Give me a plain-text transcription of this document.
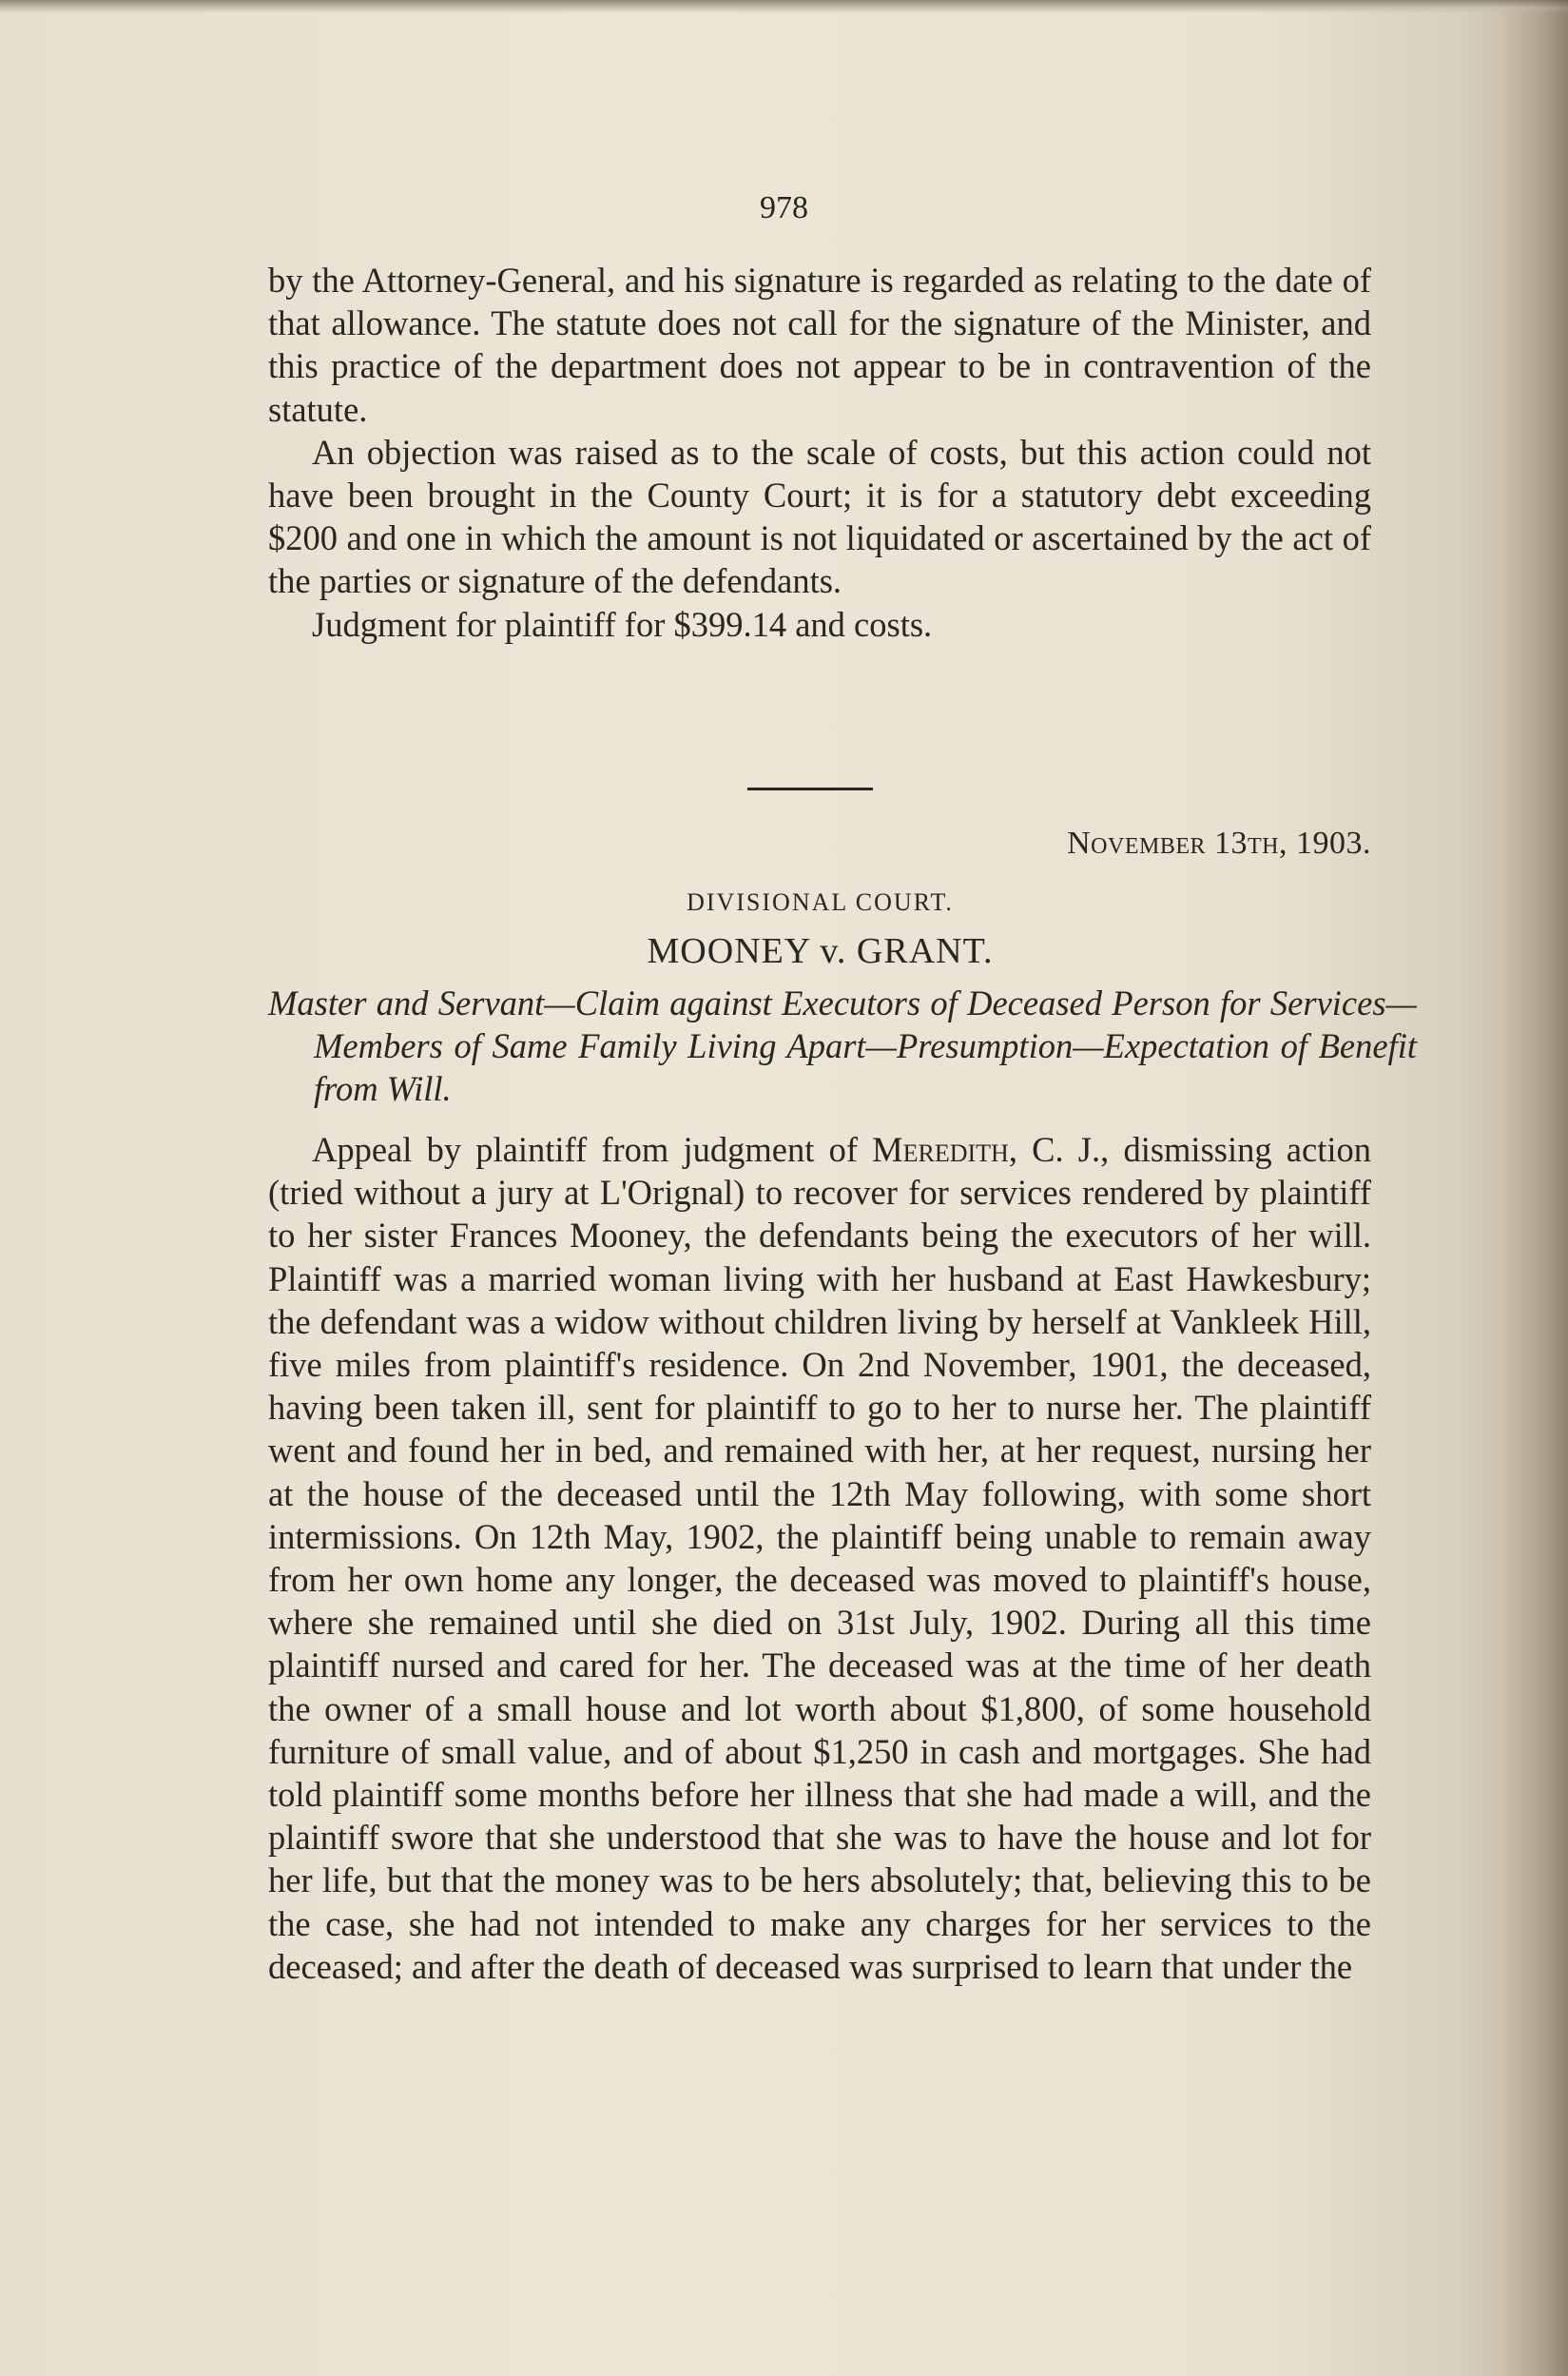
978

by the Attorney-General, and his signature is regarded as relating to the date of that allowance. The statute does not call for the signature of the Minister, and this practice of the department does not appear to be in contravention of the statute.

An objection was raised as to the scale of costs, but this action could not have been brought in the County Court; it is for a statutory debt exceeding $200 and one in which the amount is not liquidated or ascertained by the act of the parties or signature of the defendants.

Judgment for plaintiff for $399.14 and costs.

November 13th, 1903.
DIVISIONAL COURT.
MOONEY v. GRANT.
Master and Servant—Claim against Executors of Deceased Person for Services—Members of Same Family Living Apart—Presumption—Expectation of Benefit from Will.

Appeal by plaintiff from judgment of Meredith, C. J., dismissing action (tried without a jury at L'Orignal) to recover for services rendered by plaintiff to her sister Frances Mooney, the defendants being the executors of her will. Plaintiff was a married woman living with her husband at East Hawkesbury; the defendant was a widow without children living by herself at Vankleek Hill, five miles from plaintiff's residence. On 2nd November, 1901, the deceased, having been taken ill, sent for plaintiff to go to her to nurse her. The plaintiff went and found her in bed, and remained with her, at her request, nursing her at the house of the deceased until the 12th May following, with some short intermissions. On 12th May, 1902, the plaintiff being unable to remain away from her own home any longer, the deceased was moved to plaintiff's house, where she remained until she died on 31st July, 1902. During all this time plaintiff nursed and cared for her. The deceased was at the time of her death the owner of a small house and lot worth about $1,800, of some household furniture of small value, and of about $1,250 in cash and mortgages. She had told plaintiff some months before her illness that she had made a will, and the plaintiff swore that she understood that she was to have the house and lot for her life, but that the money was to be hers absolutely; that, believing this to be the case, she had not intended to make any charges for her services to the deceased; and after the death of deceased was surprised to learn that under the
